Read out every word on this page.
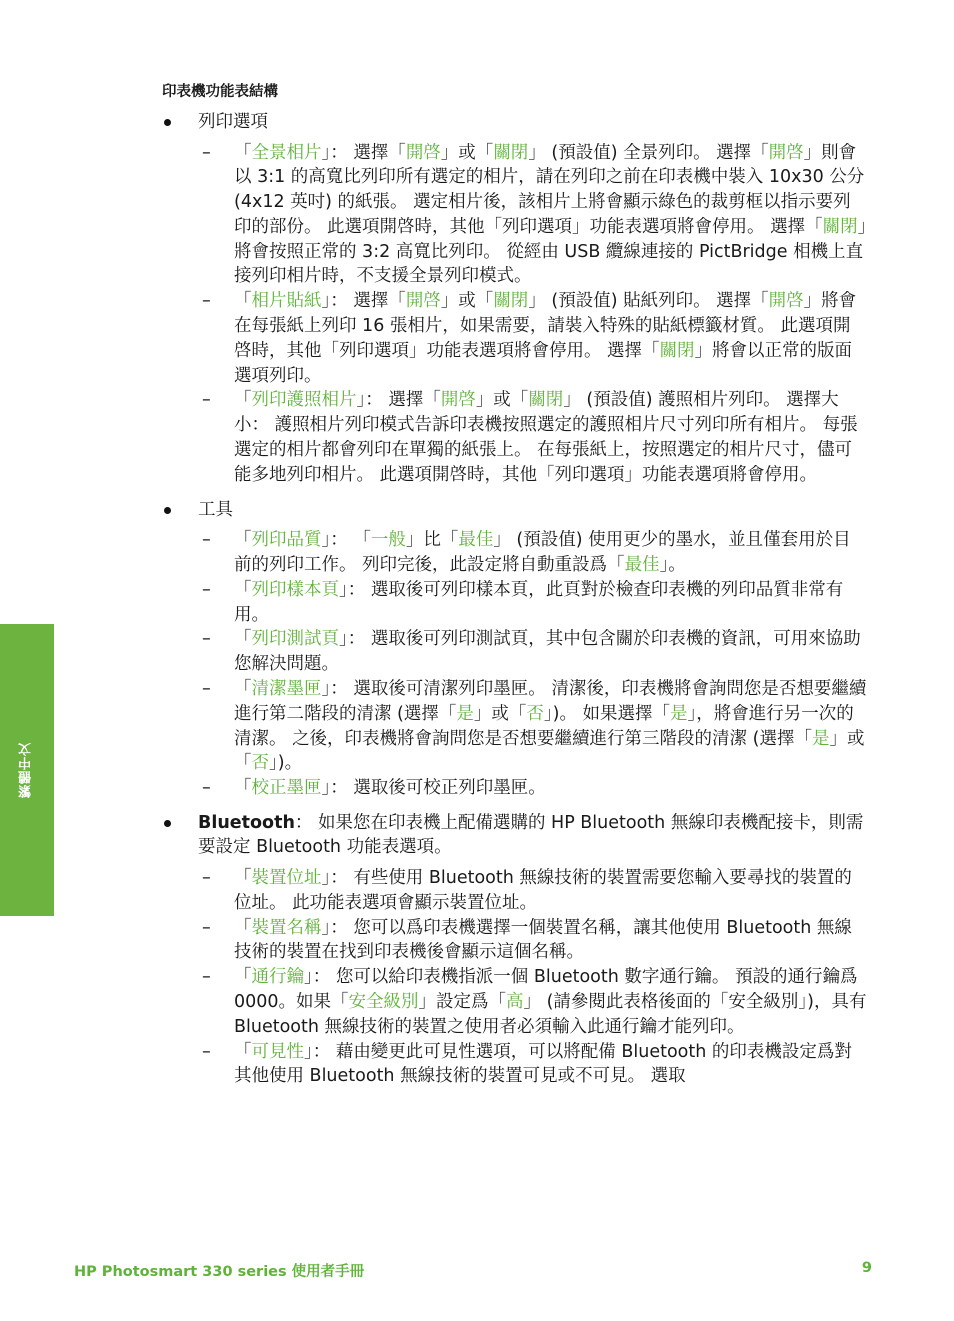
繁體中文
印表機功能表結構
列印選項
– 「全景相片」： 選擇「開啓」或「關閉」 (預設值) 全景列印。 選擇「開啓」則會以 3:1 的高寬比列印所有選定的相片，請在列印之前在印表機中裝入 10x30 公分 (4x12 英吋) 的紙張。 選定相片後，該相片上將會顯示綠色的裁剪框以指示要列印的部份。 此選項開啓時，其他「列印選項」功能表選項將會停用。 選擇「關閉」將會按照正常的 3:2 高寬比列印。 從經由 USB 纜線連接的 PictBridge 相機上直接列印相片時，不支援全景列印模式。
– 「相片貼紙」： 選擇「開啓」或「關閉」 (預設值) 貼紙列印。 選擇「開啓」將會在每張紙上列印 16 張相片，如果需要，請裝入特殊的貼紙標籤材質。 此選項開啓時，其他「列印選項」功能表選項將會停用。 選擇「關閉」將會以正常的版面選項列印。
– 「列印護照相片」： 選擇「開啓」或「關閉」 (預設值) 護照相片列印。 選擇大小： 護照相片列印模式告訴印表機按照選定的護照相片尺寸列印所有相片。 每張選定的相片都會列印在單獨的紙張上。 在每張紙上，按照選定的相片尺寸，儘可能多地列印相片。 此選項開啓時，其他「列印選項」功能表選項將會停用。
工具
– 「列印品質」： 「一般」比「最佳」 (預設值) 使用更少的墨水，並且僅套用於目前的列印工作。 列印完後，此設定將自動重設爲「最佳」。
– 「列印樣本頁」： 選取後可列印樣本頁，此頁對於檢查印表機的列印品質非常有用。
– 「列印測試頁」： 選取後可列印測試頁，其中包含關於印表機的資訊，可用來協助您解決問題。
– 「清潔墨匣」： 選取後可清潔列印墨匣。 清潔後，印表機將會詢問您是否想要繼續進行第二階段的清潔 (選擇「是」或「否」)。 如果選擇「是」，將會進行另一次的清潔。 之後，印表機將會詢問您是否想要繼續進行第三階段的清潔 (選擇「是」或「否」)。
– 「校正墨匣」： 選取後可校正列印墨匣。
Bluetooth： 如果您在印表機上配備選購的 HP Bluetooth 無線印表機配接卡，則需要設定 Bluetooth 功能表選項。
– 「裝置位址」： 有些使用 Bluetooth 無線技術的裝置需要您輸入要尋找的裝置的位址。 此功能表選項會顯示裝置位址。
– 「裝置名稱」： 您可以爲印表機選擇一個裝置名稱，讓其他使用 Bluetooth 無線技術的裝置在找到印表機後會顯示這個名稱。
– 「通行鑰」： 您可以給印表機指派一個 Bluetooth 數字通行鑰。 預設的通行鑰爲 0000。如果「安全級別」設定爲「高」 (請參閱此表格後面的「安全級別」)，具有 Bluetooth 無線技術的裝置之使用者必須輸入此通行鑰才能列印。
– 「可見性」： 藉由變更此可見性選項，可以將配備 Bluetooth 的印表機設定爲對其他使用 Bluetooth 無線技術的裝置可見或不可見。 選取
HP Photosmart 330 series 使用者手冊	9
